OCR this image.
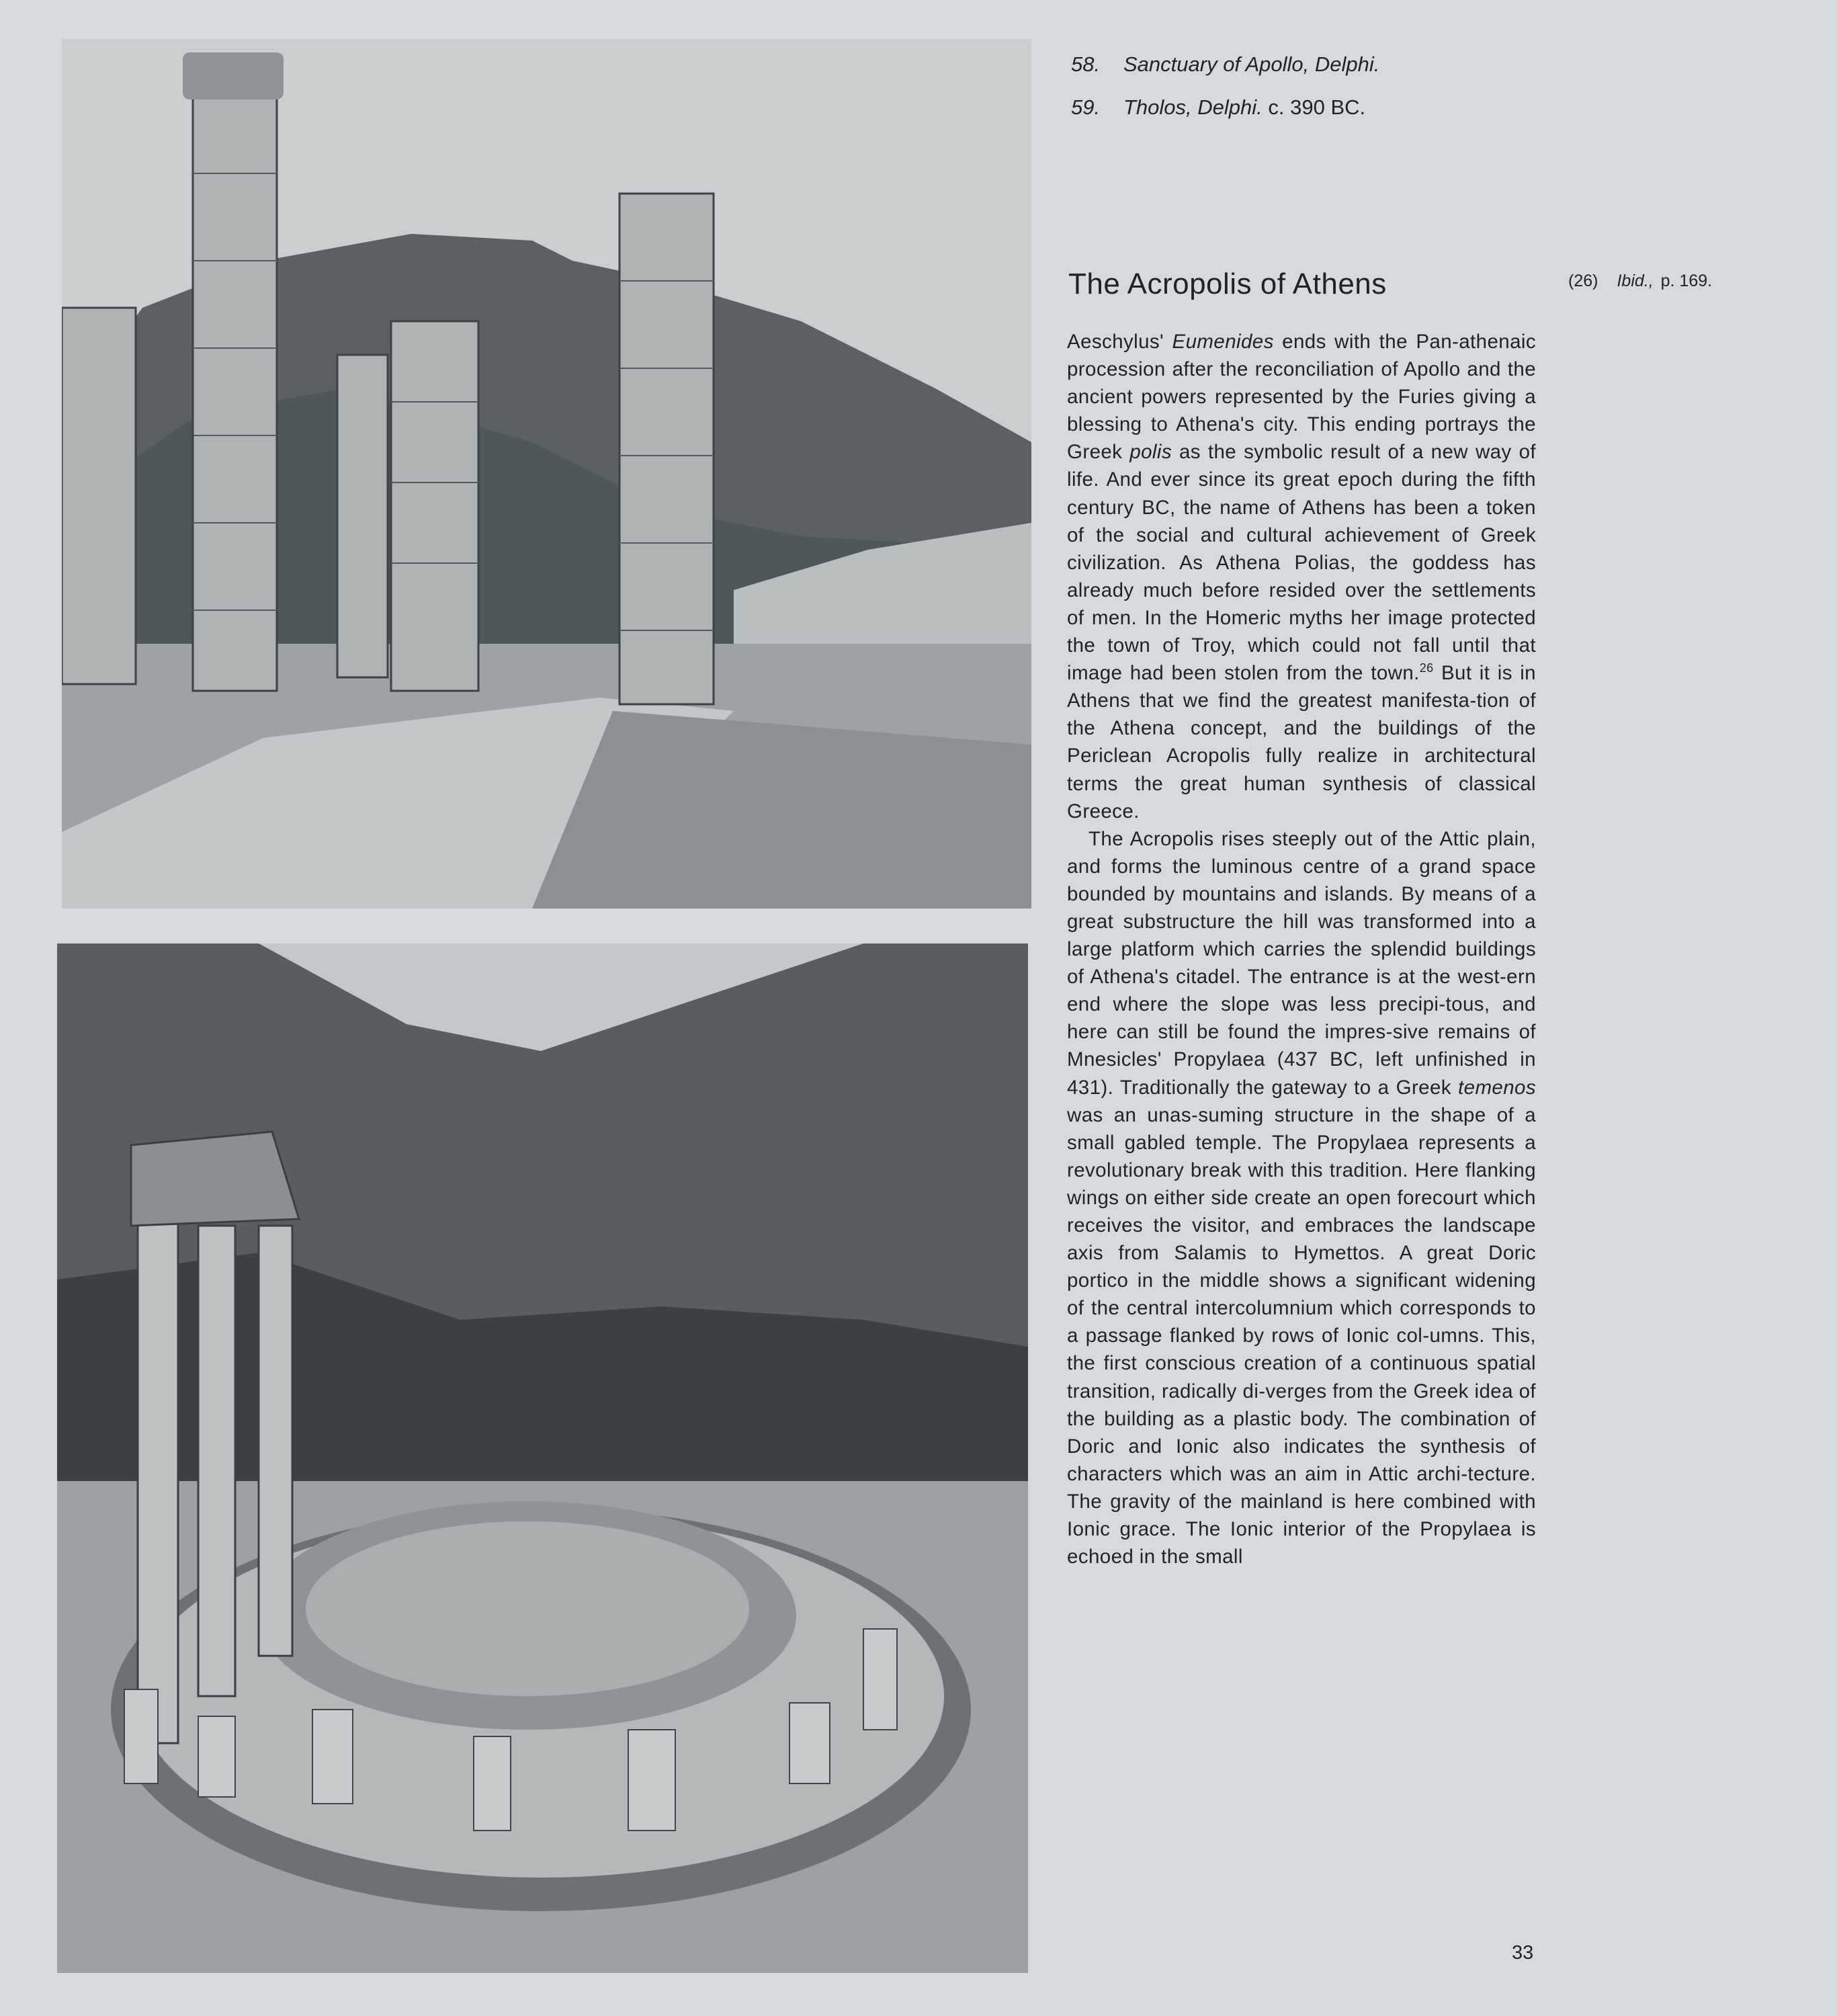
58. Sanctuary of Apollo, Delphi.
59. Tholos, Delphi. c. 390 BC.
The Acropolis of Athens	(26) Ibid., p. 169.

Aeschylus' Eumenides ends with the Pan-athenaic procession after the reconciliation of Apollo and the ancient powers represented by the Furies giving a blessing to Athena's city. This ending portrays the Greek polis as the symbolic result of a new way of life. And ever since its great epoch during the fifth century BC, the name of Athens has been a token of the social and cultural achievement of Greek civilization. As Athena Polias, the goddess has already much before resided over the settlements of men. In the Homeric myths her image protected the town of Troy, which could not fall until that image had been stolen from the town.$^{26}$ But it is in Athens that we find the greatest manifesta-tion of the Athena concept, and the buildings of the Periclean Acropolis fully realize in architectural terms the great human synthesis of classical Greece.

The Acropolis rises steeply out of the Attic plain, and forms the luminous centre of a grand space bounded by mountains and islands. By means of a great substructure the hill was transformed into a large platform which carries the splendid buildings of Athena's citadel. The entrance is at the west-ern end where the slope was less precipi-tous, and here can still be found the impres-sive remains of Mnesicles' Propylaea (437 BC, left unfinished in 431). Traditionally the gateway to a Greek temenos was an unas-suming structure in the shape of a small gabled temple. The Propylaea represents a revolutionary break with this tradition. Here flanking wings on either side create an open forecourt which receives the visitor, and embraces the landscape axis from Salamis to Hymettos. A great Doric portico in the middle shows a significant widening of the central intercolumnium which corresponds to a passage flanked by rows of Ionic col-umns. This, the first conscious creation of a continuous spatial transition, radically di-verges from the Greek idea of the building as a plastic body. The combination of Doric and Ionic also indicates the synthesis of characters which was an aim in Attic archi-tecture. The gravity of the mainland is here combined with Ionic grace. The Ionic interior of the Propylaea is echoed in the small

33
